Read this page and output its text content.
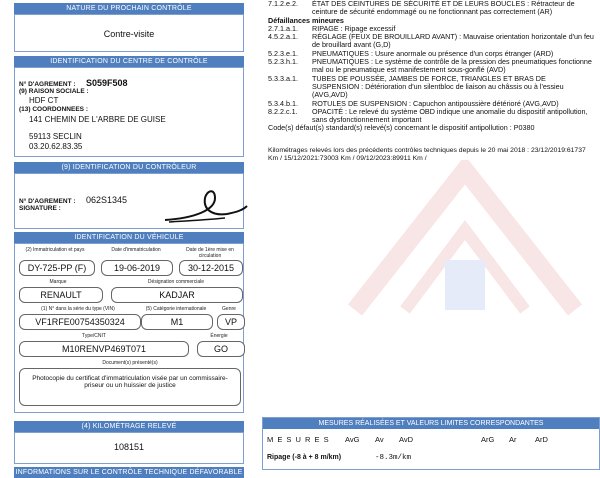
NATURE DU PROCHAIN CONTRÔLE
Contre-visite
IDENTIFICATION DU CENTRE DE CONTRÔLE
N° D'AGREMENT : S059F508
(9) RAISON SOCIALE :
HDF CT
(13) COORDONNEES :
141 CHEMIN DE L'ARBRE DE GUISE
59113 SECLIN
03.20.62.83.35
(9) IDENTIFICATION DU CONTRÔLEUR
N° D'AGREMENT : 062S1345
SIGNATURE :
IDENTIFICATION DU VÉHICULE
(2) Immatriculation et pays	Date d'immatriculation	Date de 1ère mise en circulation
DY-725-PP (F)	19-06-2019	30-12-2015
Marque	Désignation commerciale
RENAULT	KADJAR
(1) N° dans la série du type (VIN)	(5) Catégorie internationale	Genre
VF1RFE00754350324	M1	VP
Type/CNIT	Énergie
M10RENVP469T071	GO
Document(s) présenté(s)
Photocopie du certificat d'immatriculation visée par un commissaire-priseur ou un huissier de justice
(4) KILOMÉTRAGE RELEVÉ
108151
INFORMATIONS SUR LE CONTRÔLE TECHNIQUE DÉFAVORABLE
7.1.2.e.2.	ÉTAT DES CEINTURES DE SÉCURITÉ ET DE LEURS BOUCLES : Rétracteur de ceinture de sécurité endommagé ou ne fonctionnant pas correctement (AR)
Défaillances mineures
2.7.1.a.1.	RIPAGE : Ripage excessif
4.5.2.a.1.	RÉGLAGE (FEUX DE BROUILLARD AVANT) : Mauvaise orientation horizontale d'un feu de brouillard avant (G,D)
5.2.3.e.1.	PNEUMATIQUES : Usure anormale ou présence d'un corps étranger (ARD)
5.2.3.h.1.	PNEUMATIQUES : Le système de contrôle de la pression des pneumatiques fonctionne mal ou le pneumatique est manifestement sous-gonflé (AVD)
5.3.3.a.1.	TUBES DE POUSSÉE, JAMBES DE FORCE, TRIANGLES ET BRAS DE SUSPENSION : Détérioration d'un silentbloc de liaison au châssis ou à l'essieu (AVG,AVD)
5.3.4.b.1.	ROTULES DE SUSPENSION : Capuchon antipoussière détérioré (AVG,AVD)
8.2.2.c.1.	OPACITÉ : Le relevé du système OBD indique une anomalie du dispositif antipollution, sans dysfonctionnement important
Code(s) défaut(s) standard(s) relevé(s) concernant le dispositif antipollution : P0380
Kilométrages relevés lors des précédents contrôles techniques depuis le 20 mai 2018 : 23/12/2019:61737 Km / 15/12/2021:73003 Km / 09/12/2023:89911 Km /
MESURES RÉALISÉES ET VALEURS LIMITES CORRESPONDANTES
M E S U R E S AvG Av AvD	ArG Ar ArD
Ripage (-8 à + 8 m/km)	-8.3m/km
